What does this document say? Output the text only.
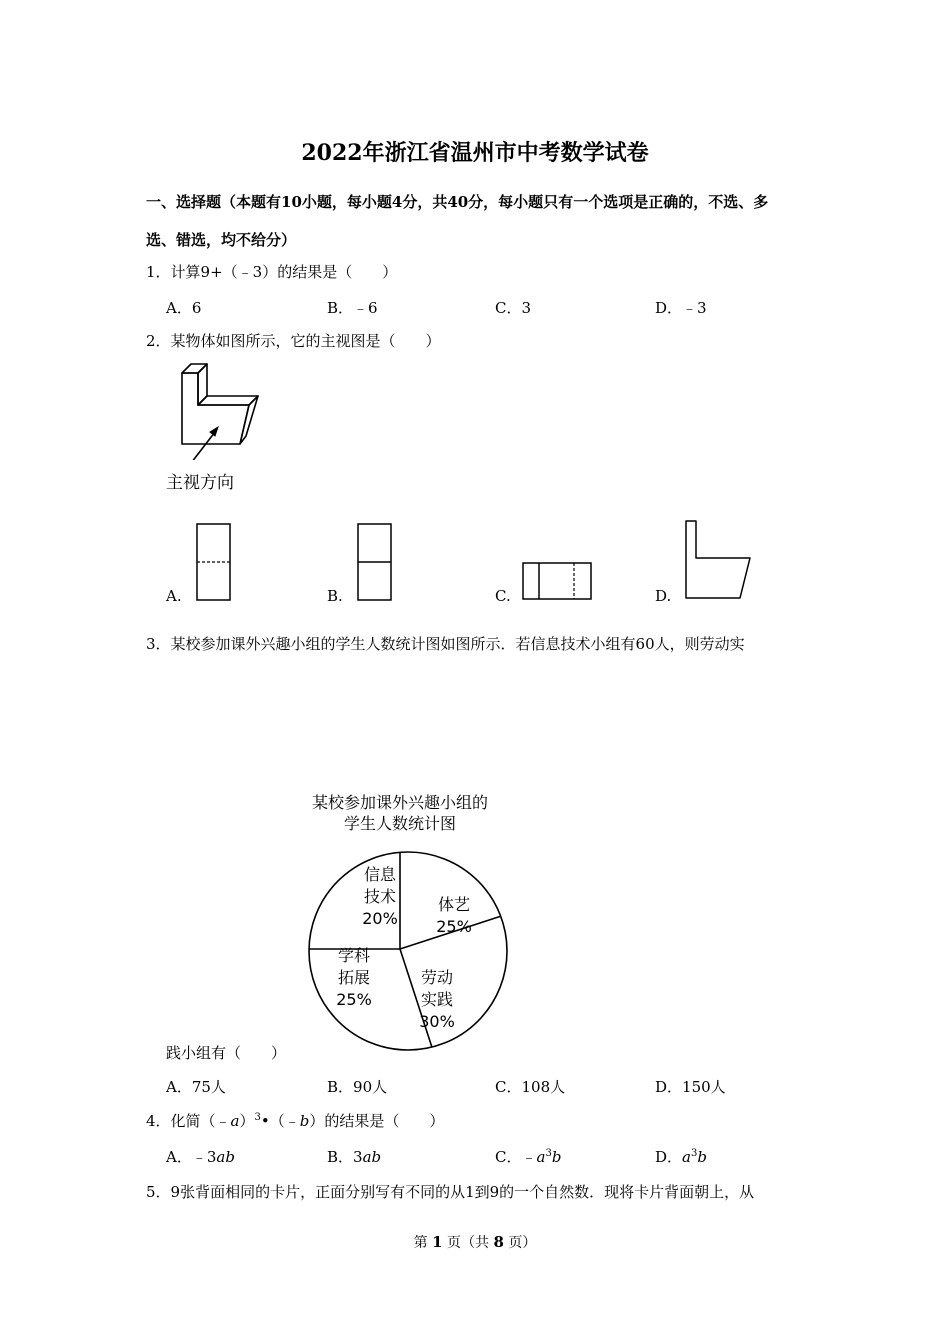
2022年浙江省温州市中考数学试卷
一、选择题（本题有10小题，每小题4分，共40分，每小题只有一个选项是正确的，不选、多
选、错选，均不给分）
1．计算9+（﹣3）的结果是（　　）
A．6	B．﹣6	C．3	D．﹣3
2．某物体如图所示，它的主视图是（　　）
主视方向
A.	B.	C.	D.
3．某校参加课外兴趣小组的学生人数统计图如图所示．若信息技术小组有60人，则劳动实
某校参加课外兴趣小组的
学生人数统计图
信息
技术
20%
体艺
25%
劳动
实践
30%
学科
拓展
25%
践小组有（　　）
A．75人	B．90人	C．108人	D．150人
4．化简（﹣a）$^3$•（﹣b）的结果是（　　）
A．﹣3ab	B．3ab	C．$﹣a^3b$	D．$a^3b$
5．9张背面相同的卡片，正面分别写有不同的从1到9的一个自然数．现将卡片背面朝上，从
第 1 页（共 8 页）
